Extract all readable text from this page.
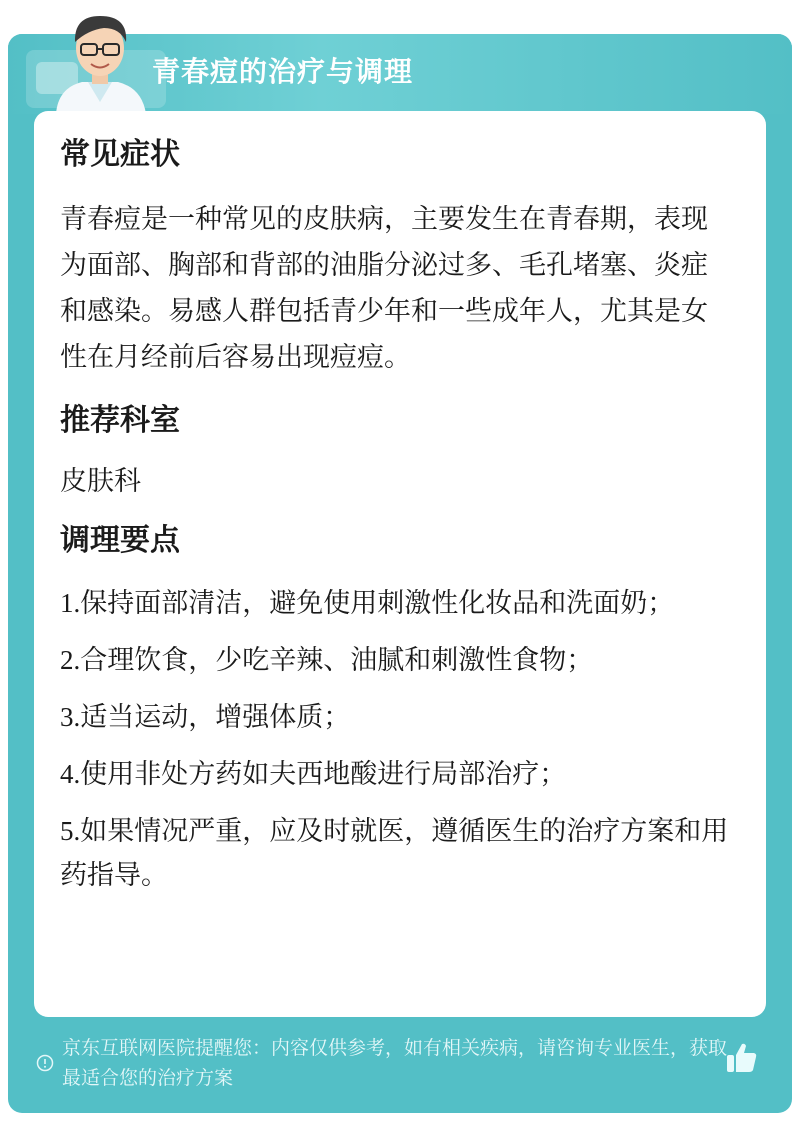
青春痘的治疗与调理
常见症状

青春痘是一种常见的皮肤病，主要发生在青春期，表现为面部、胸部和背部的油脂分泌过多、毛孔堵塞、炎症和感染。易感人群包括青少年和一些成年人，尤其是女性在月经前后容易出现痘痘。

推荐科室

皮肤科

调理要点

1.保持面部清洁，避免使用刺激性化妆品和洗面奶；

2.合理饮食，少吃辛辣、油腻和刺激性食物；

3.适当运动，增强体质；

4.使用非处方药如夫西地酸进行局部治疗；

5.如果情况严重，应及时就医，遵循医生的治疗方案和用药指导。

京东互联网医院提醒您：内容仅供参考，如有相关疾病，请咨询专业医生，获取最适合您的治疗方案
